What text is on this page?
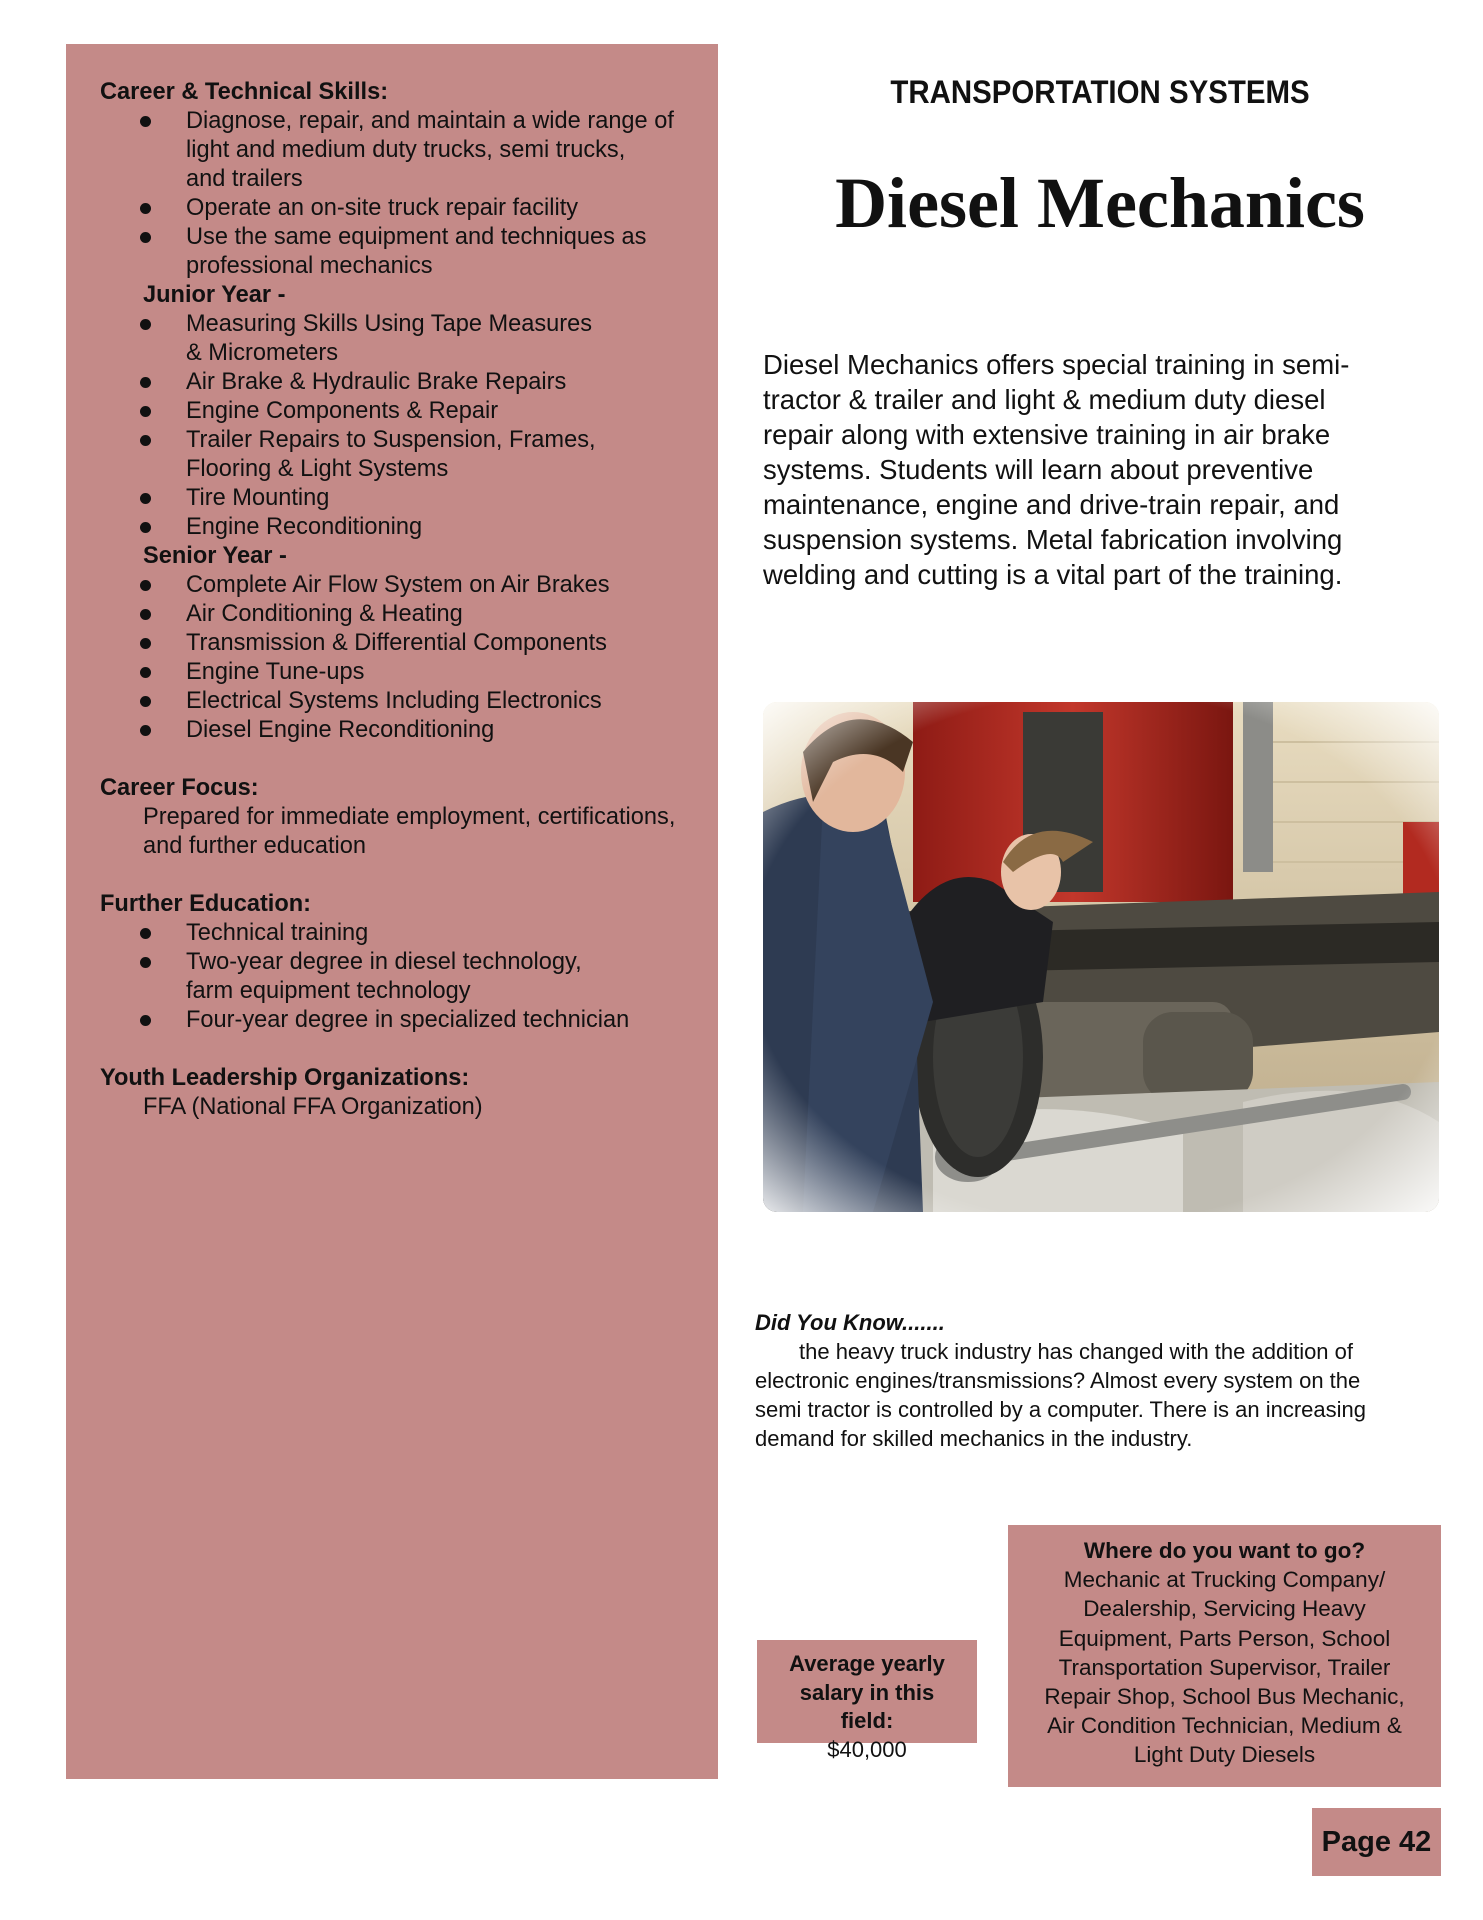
Career & Technical Skills:
Diagnose, repair, and maintain a wide range of
light and medium duty trucks, semi trucks,
and trailers
Operate an on-site truck repair facility
Use the same equipment and techniques as
professional mechanics
Junior Year -
Measuring Skills Using Tape Measures
& Micrometers
Air Brake & Hydraulic Brake Repairs
Engine Components & Repair
Trailer Repairs to Suspension, Frames,
Flooring & Light Systems
Tire Mounting
Engine Reconditioning
Senior Year -
Complete Air Flow System on Air Brakes
Air Conditioning & Heating
Transmission & Differential Components
Engine Tune-ups
Electrical Systems Including Electronics
Diesel Engine Reconditioning
Career Focus:
Prepared for immediate employment, certifications,
and further education
Further Education:
Technical training
Two-year degree in diesel technology,
farm equipment technology
Four-year degree in specialized technician
Youth Leadership Organizations:
FFA (National FFA Organization)
TRANSPORTATION SYSTEMS
Diesel Mechanics

Diesel Mechanics offers special training in semi-
tractor & trailer and light & medium duty diesel
repair along with extensive training in air brake
systems. Students will learn about preventive
maintenance, engine and drive-train repair, and
suspension systems. Metal fabrication involving
welding and cutting is a vital part of the training.

Did You Know.......

the heavy truck industry has changed with the addition of
electronic engines/transmissions? Almost every system on the
semi tractor is controlled by a computer. There is an increasing
demand for skilled mechanics in the industry.

Average yearly
salary in this
field:
$40,000
Where do you want to go?
Mechanic at Trucking Company/
Dealership, Servicing Heavy
Equipment, Parts Person, School
Transportation Supervisor, Trailer
Repair Shop, School Bus Mechanic,
Air Condition Technician, Medium &
Light Duty Diesels
Page 42
